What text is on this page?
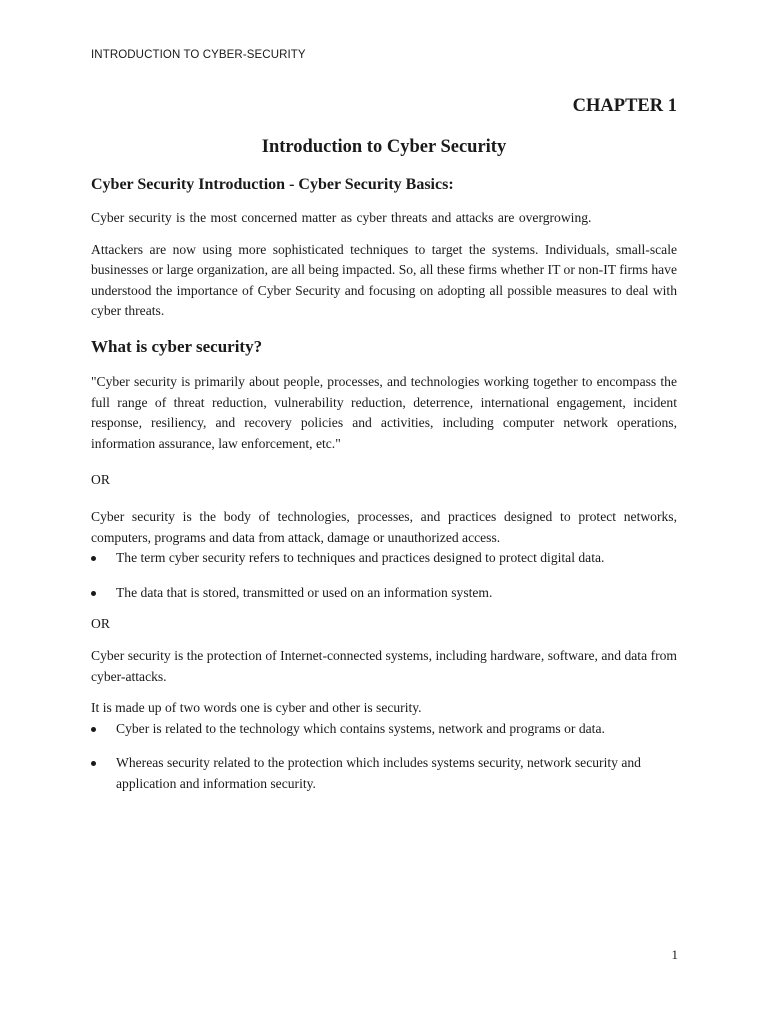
INTRODUCTION TO CYBER-SECURITY
CHAPTER 1
Introduction to Cyber Security
Cyber Security Introduction - Cyber Security Basics:

Cyber security is the most concerned matter as cyber threats and attacks are overgrowing.

Attackers are now using more sophisticated techniques to target the systems. Individuals, small-scale businesses or large organization, are all being impacted. So, all these firms whether IT or non-IT firms have understood the importance of Cyber Security and focusing on adopting all possible measures to deal with cyber threats.

What is cyber security?

"Cyber security is primarily about people, processes, and technologies working together to encompass the full range of threat reduction, vulnerability reduction, deterrence, international engagement, incident response, resiliency, and recovery policies and activities, including computer network operations, information assurance, law enforcement, etc."

OR

Cyber security is the body of technologies, processes, and practices designed to protect networks, computers, programs and data from attack, damage or unauthorized access.

The term cyber security refers to techniques and practices designed to protect digital data.
The data that is stored, transmitted or used on an information system.

OR

Cyber security is the protection of Internet-connected systems, including hardware, software, and data from cyber-attacks.

It is made up of two words one is cyber and other is security.

Cyber is related to the technology which contains systems, network and programs or data.
Whereas security related to the protection which includes systems security, network security and application and information security.
1
